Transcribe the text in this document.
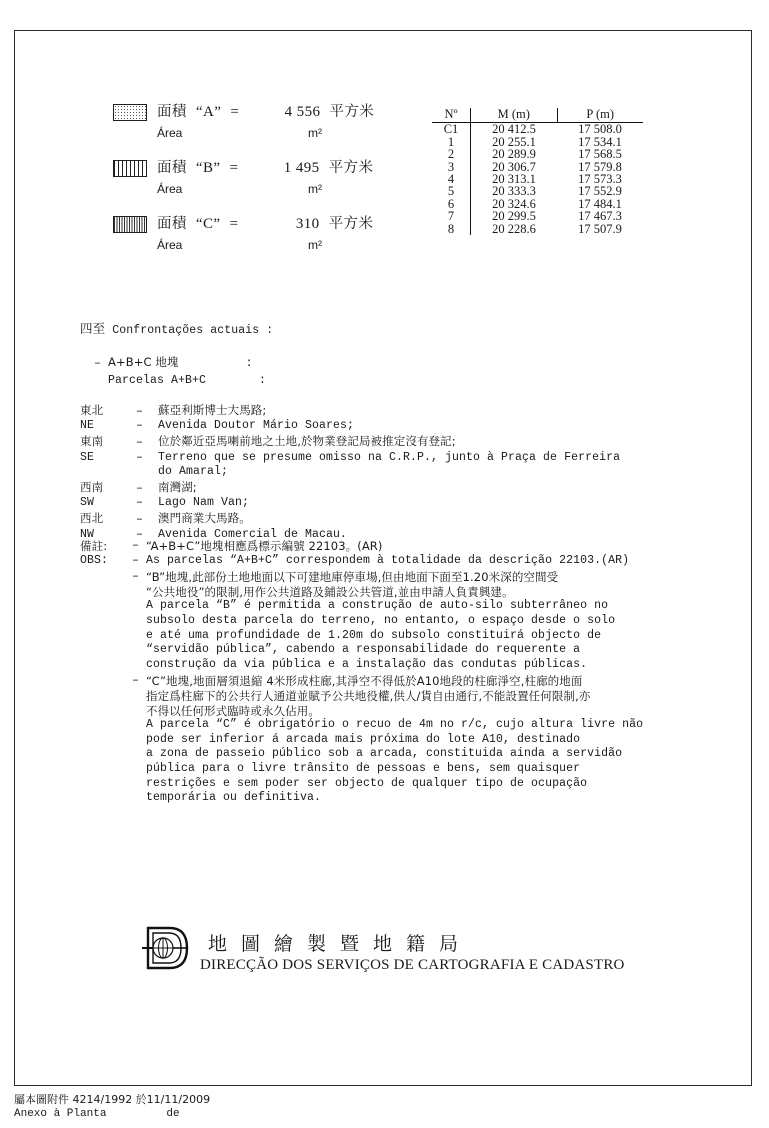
面積 “A” =	4 556 平方米
Área	m²
面積 “B” =	1 495 平方米
Área	m²
面積 “C” =	310 平方米
Área	m²
Nº	M (m)	P (m)
C1	20 412.5	17 508.0
1	20 255.1	17 534.1
2	20 289.9	17 568.5
3	20 306.7	17 579.8
4	20 313.1	17 573.3
5	20 333.3	17 552.9
6	20 324.6	17 484.1
7	20 299.5	17 467.3
8	20 228.6	17 507.9
四至 Confrontações actuais :
– A+B+C 地塊	:
Parcelas A+B+C	:
東北	– 蘇亞利斯博士大馬路;
NE	– Avenida Doutor Mário Soares;
東南	– 位於鄰近亞馬喇前地之土地,於物業登記局被推定沒有登記;
SE	– Terreno que se presume omisso na C.R.P., junto à Praça de Ferreira
do Amaral;
西南	– 南灣湖;
SW	– Lago Nam Van;
西北	– 澳門商業大馬路。
NW	– Avenida Comercial de Macau.
備註:	– “A+B+C”地塊相應爲標示編號 22103。(AR)
OBS:	– As parcelas “A+B+C” correspondem à totalidade da descrição 22103.(AR)
– “B”地塊,此部份土地地面以下可建地庫停車場,但由地面下面至1.20米深的空間受
“公共地役”的限制,用作公共道路及鋪設公共管道,並由申請人負責興建。
A parcela “B” é permitida a construção de auto-silo subterrâneo no
subsolo desta parcela do terreno, no entanto, o espaço desde o solo
e até uma profundidade de 1.20m do subsolo constituirá objecto de
“servidão pública”, cabendo a responsabilidade do requerente a
construção da via pública e a instalação das condutas públicas.
– “C”地塊,地面層須退縮 4米形成柱廊,其淨空不得低於A10地段的柱廊淨空,柱廊的地面
指定爲柱廊下的公共行人通道並賦予公共地役權,供人/貨自由通行,不能設置任何限制,亦
不得以任何形式臨時或永久佔用。
A parcela “C” é obrigatório o recuo de 4m no r/c, cujo altura livre não
pode ser inferior á arcada mais próxima do lote A10, destinado
a zona de passeio público sob a arcada, constituida ainda a servidão
pública para o livre trânsito de pessoas e bens, sem quaisquer
restrições e sem poder ser objecto de qualquer tipo de ocupação
temporária ou definitiva.
地圖繪製暨地籍局
DIRECÇÃO DOS SERVIÇOS DE CARTOGRAFIA E CADASTRO
屬本圖附件 4214/1992 於11/11/2009
Anexo à Planta	de
